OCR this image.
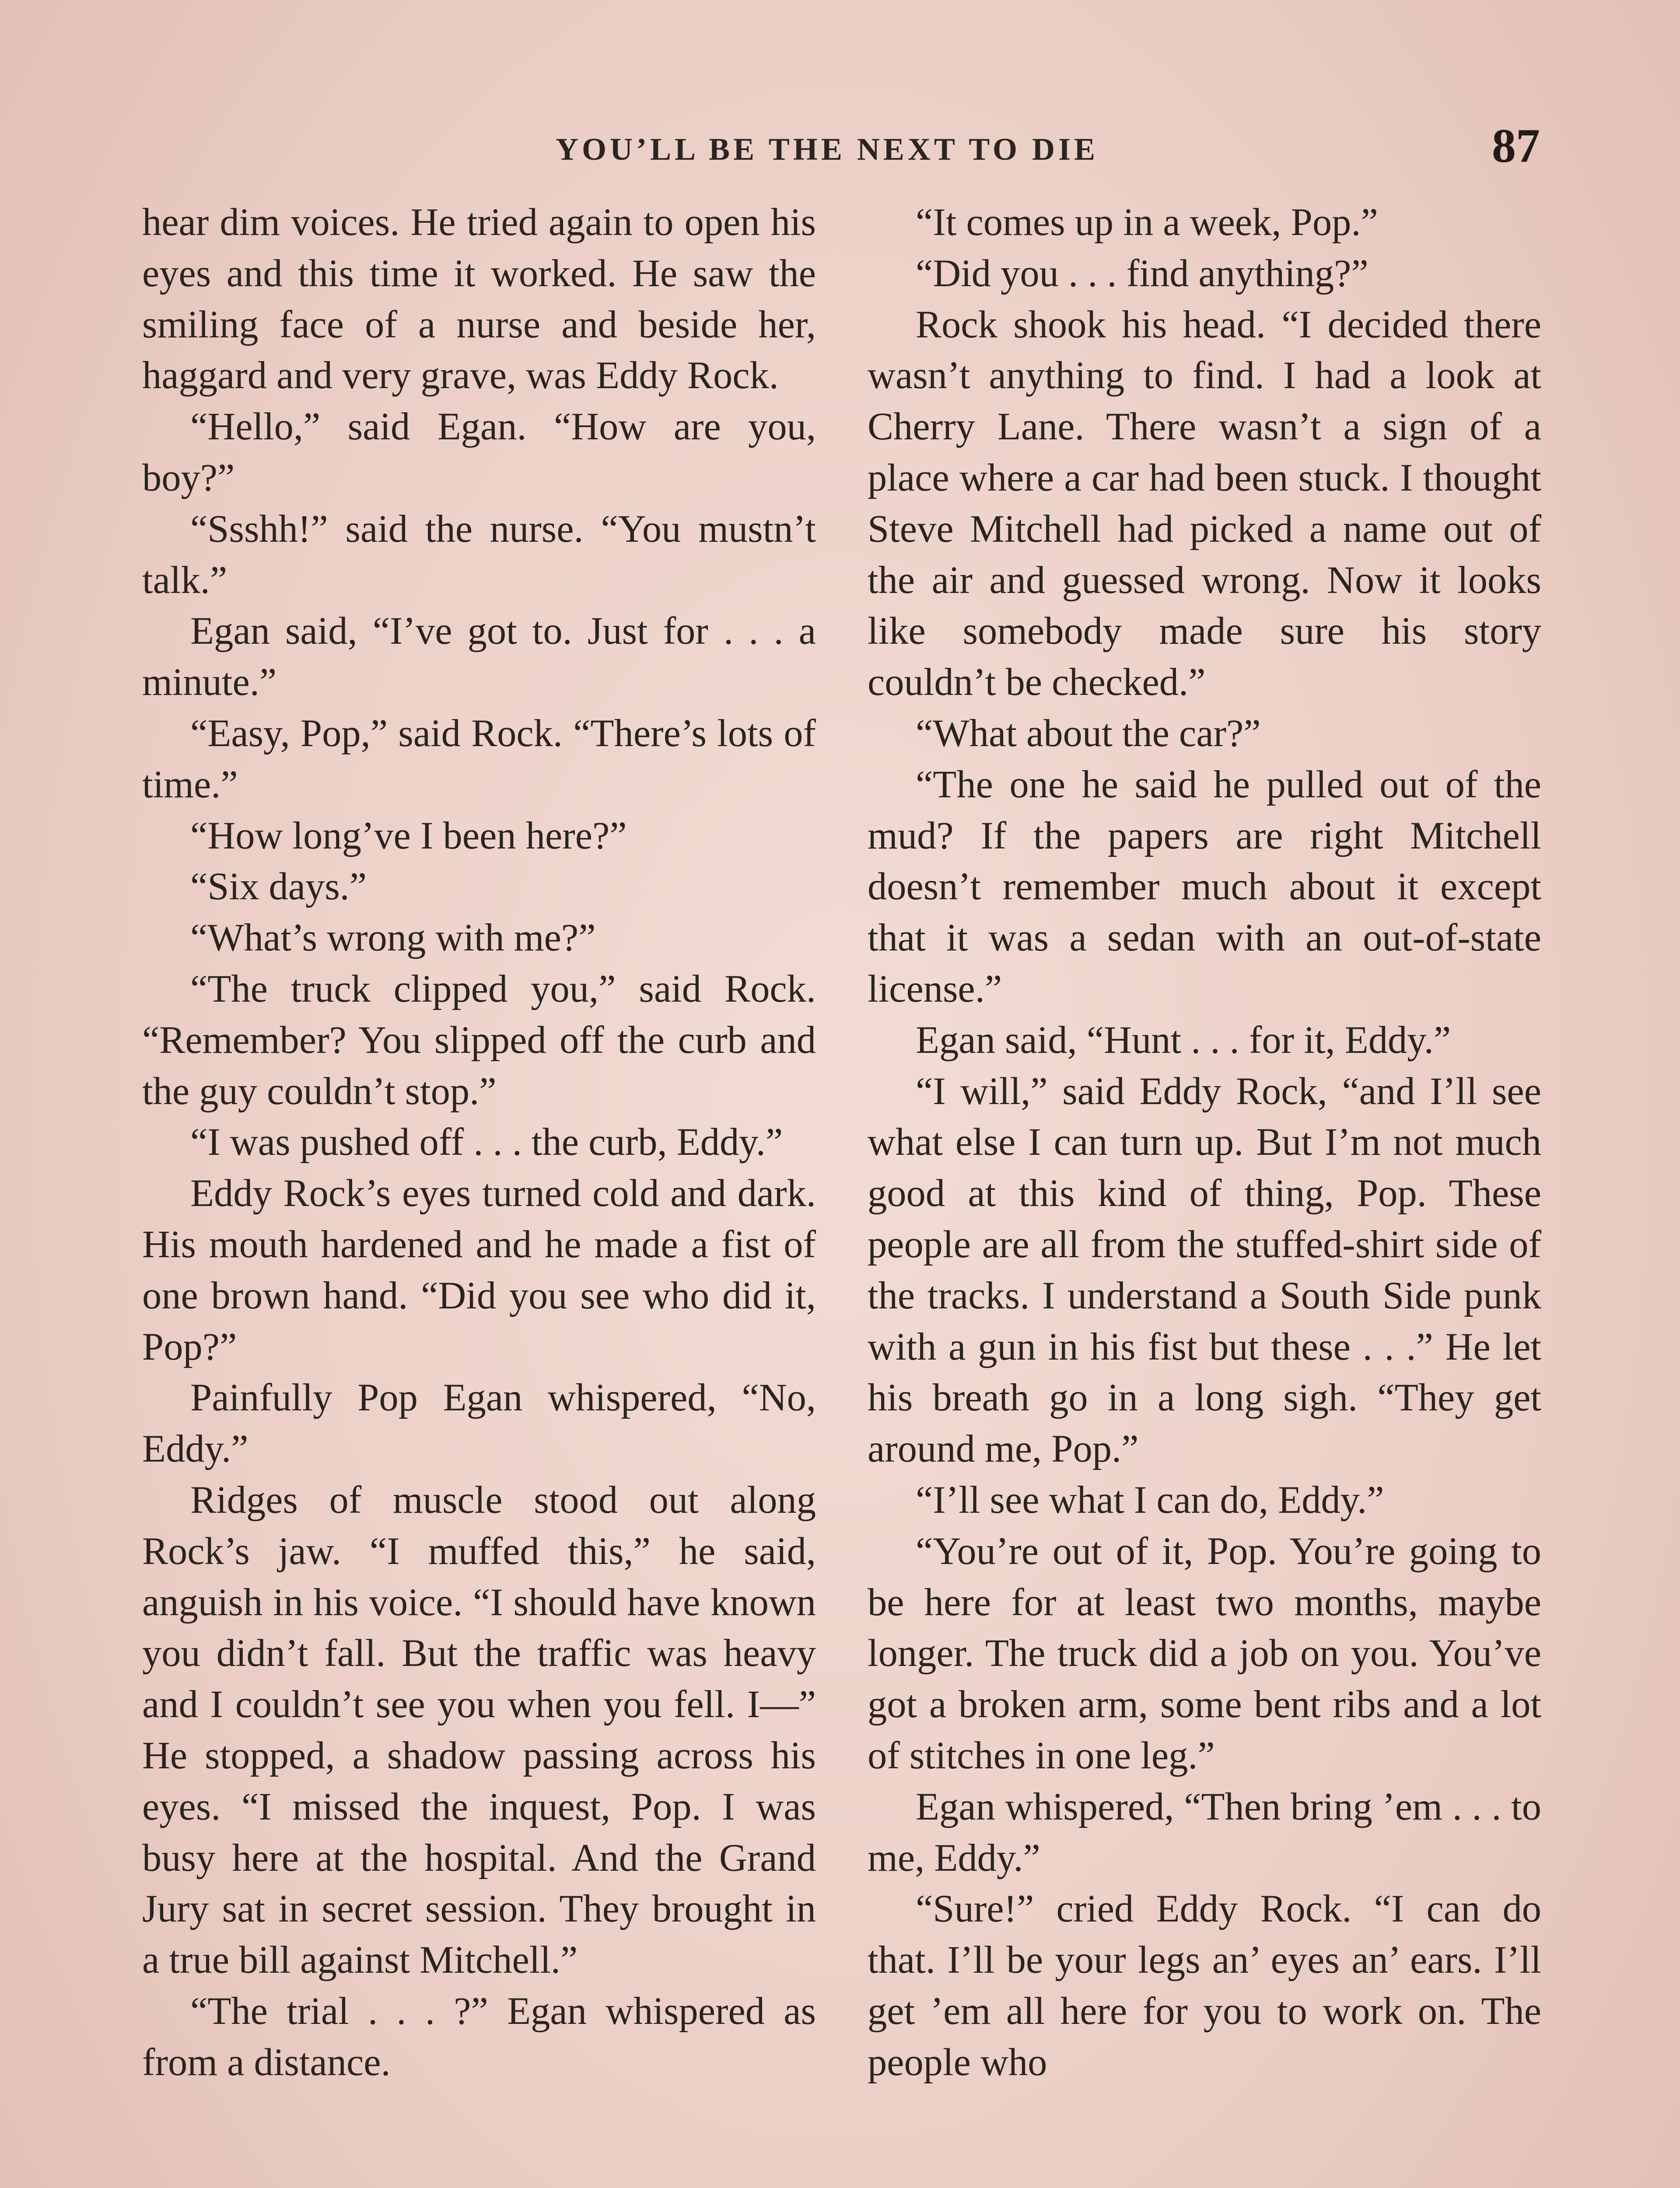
YOU’LL BE THE NEXT TO DIE	87

hear dim voices. He tried again to open his eyes and this time it worked. He saw the smiling face of a nurse and beside her, haggard and very grave, was Eddy Rock.

“Hello,” said Egan. “How are you, boy?”

“Ssshh!” said the nurse. “You mustn’t talk.”

Egan said, “I’ve got to. Just for . . . a minute.”

“Easy, Pop,” said Rock. “There’s lots of time.”

“How long’ve I been here?”

“Six days.”

“What’s wrong with me?”

“The truck clipped you,” said Rock. “Remember? You slipped off the curb and the guy couldn’t stop.”

“I was pushed off . . . the curb, Eddy.”

Eddy Rock’s eyes turned cold and dark. His mouth hardened and he made a fist of one brown hand. “Did you see who did it, Pop?”

Painfully Pop Egan whispered, “No, Eddy.”

Ridges of muscle stood out along Rock’s jaw. “I muffed this,” he said, anguish in his voice. “I should have known you didn’t fall. But the traffic was heavy and I couldn’t see you when you fell. I—” He stopped, a shadow passing across his eyes. “I missed the inquest, Pop. I was busy here at the hospital. And the Grand Jury sat in secret session. They brought in a true bill against Mitchell.”

“The trial . . . ?” Egan whispered as from a distance.

“It comes up in a week, Pop.”

“Did you . . . find anything?”

Rock shook his head. “I decided there wasn’t anything to find. I had a look at Cherry Lane. There wasn’t a sign of a place where a car had been stuck. I thought Steve Mitchell had picked a name out of the air and guessed wrong. Now it looks like somebody made sure his story couldn’t be checked.”

“What about the car?”

“The one he said he pulled out of the mud? If the papers are right Mitchell doesn’t remember much about it except that it was a sedan with an out-of-state license.”

Egan said, “Hunt . . . for it, Eddy.”

“I will,” said Eddy Rock, “and I’ll see what else I can turn up. But I’m not much good at this kind of thing, Pop. These people are all from the stuffed-shirt side of the tracks. I understand a South Side punk with a gun in his fist but these . . .” He let his breath go in a long sigh. “They get around me, Pop.”

“I’ll see what I can do, Eddy.”

“You’re out of it, Pop. You’re going to be here for at least two months, maybe longer. The truck did a job on you. You’ve got a broken arm, some bent ribs and a lot of stitches in one leg.”

Egan whispered, “Then bring ’em . . . to me, Eddy.”

“Sure!” cried Eddy Rock. “I can do that. I’ll be your legs an’ eyes an’ ears. I’ll get ’em all here for you to work on. The people who
